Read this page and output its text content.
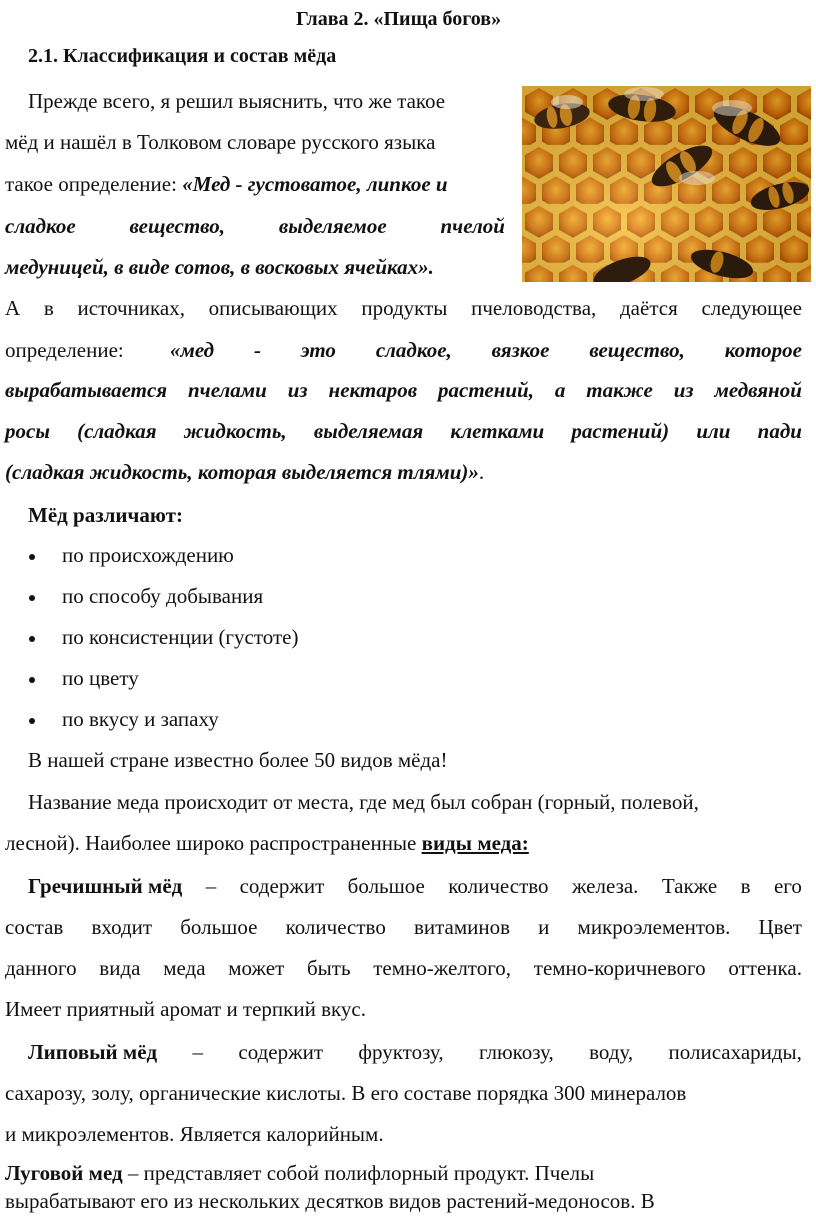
Глава 2. «Пища богов»
2.1. Классификация и состав мёда
Прежде всего, я решил выяснить, что же такое
мёд и нашёл в Толковом словаре русского языка
такое определение: «Мед - густоватое, липкое и
сладкое	вещество,	выделяемое	пчелой
медуницей, в виде сотов, в восковых ячейках».
А в источниках, описывающих продукты пчеловодства, даётся следующее
определение: «мед - это сладкое, вязкое вещество, которое
вырабатывается пчелами из нектаров растений, а также из медвяной
росы (сладкая жидкость, выделяемая клетками растений) или пади
(сладкая жидкость, которая выделяется тлями)».
Мёд различают:
по происхождению
по способу добывания
по консистенции (густоте)
по цвету
по вкусу и запаху
В нашей стране известно более 50 видов мёда!
Название меда происходит от места, где мед был собран (горный, полевой,
лесной). Наиболее широко распространенные виды меда:
Гречишный мёд – содержит большое количество железа. Также в его
состав входит большое количество витаминов и микроэлементов. Цвет
данного вида меда может быть темно-желтого, темно-коричневого оттенка.
Имеет приятный аромат и терпкий вкус.
Липовый мёд – содержит фруктозу, глюкозу, воду, полисахариды,
сахарозу, золу, органические кислоты. В его составе порядка 300 минералов
и микроэлементов. Является калорийным.
Луговой мед – представляет собой полифлорный продукт. Пчелы
вырабатывают его из нескольких десятков видов растений-медоносов. В
